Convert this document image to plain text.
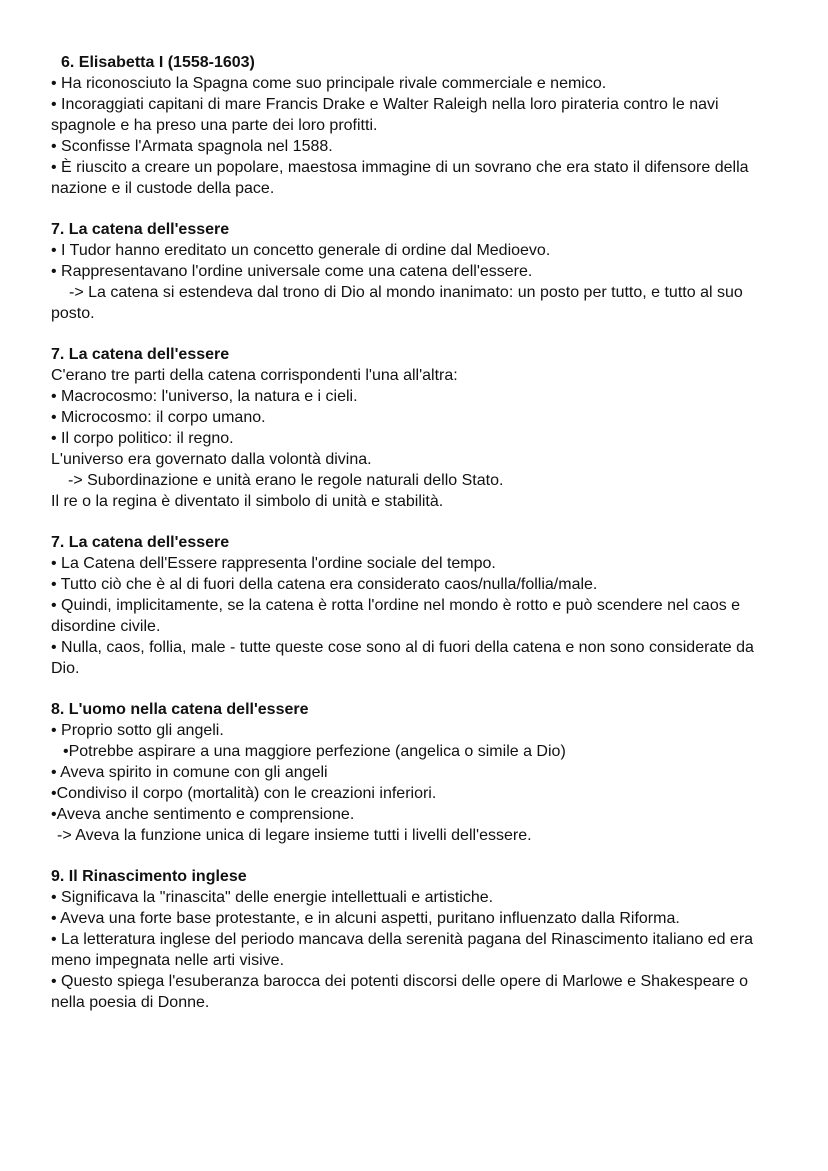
6. Elisabetta I (1558-1603)

• Ha riconosciuto la Spagna come suo principale rivale commerciale e nemico.

• Incoraggiati capitani di mare Francis Drake e Walter Raleigh nella loro pirateria contro le navi spagnole e ha preso una parte dei loro profitti.

• Sconfisse l'Armata spagnola nel 1588.

• È riuscito a creare un popolare, maestosa immagine di un sovrano che era stato il difensore della nazione e il custode della pace.

7. La catena dell'essere

• I Tudor hanno ereditato un concetto generale di ordine dal Medioevo.

• Rappresentavano l'ordine universale come una catena dell'essere.

-> La catena si estendeva dal trono di Dio al mondo inanimato: un posto per tutto, e tutto al suo posto.

7. La catena dell'essere

C'erano tre parti della catena corrispondenti l'una all'altra:

• Macrocosmo: l'universo, la natura e i cieli.

• Microcosmo: il corpo umano.

• Il corpo politico: il regno.

L'universo era governato dalla volontà divina.

-> Subordinazione e unità erano le regole naturali dello Stato.

Il re o la regina è diventato il simbolo di unità e stabilità.

7. La catena dell'essere

• La Catena dell'Essere rappresenta l'ordine sociale del tempo.

• Tutto ciò che è al di fuori della catena era considerato caos/nulla/follia/male.

• Quindi, implicitamente, se la catena è rotta l'ordine nel mondo è rotto e può scendere nel caos e disordine civile.

• Nulla, caos, follia, male - tutte queste cose sono al di fuori della catena e non sono considerate da Dio.

8. L'uomo nella catena dell'essere

• Proprio sotto gli angeli.

•Potrebbe aspirare a una maggiore perfezione (angelica o simile a Dio)

• Aveva spirito in comune con gli angeli

•Condiviso il corpo (mortalità) con le creazioni inferiori.

•Aveva anche sentimento e comprensione.

-> Aveva la funzione unica di legare insieme tutti i livelli dell'essere.

9. Il Rinascimento inglese

• Significava la "rinascita" delle energie intellettuali e artistiche.

• Aveva una forte base protestante, e in alcuni aspetti, puritano influenzato dalla Riforma.

• La letteratura inglese del periodo mancava della serenità pagana del Rinascimento italiano ed era meno impegnata nelle arti visive.

• Questo spiega l'esuberanza barocca dei potenti discorsi delle opere di Marlowe e Shakespeare o nella poesia di Donne.
